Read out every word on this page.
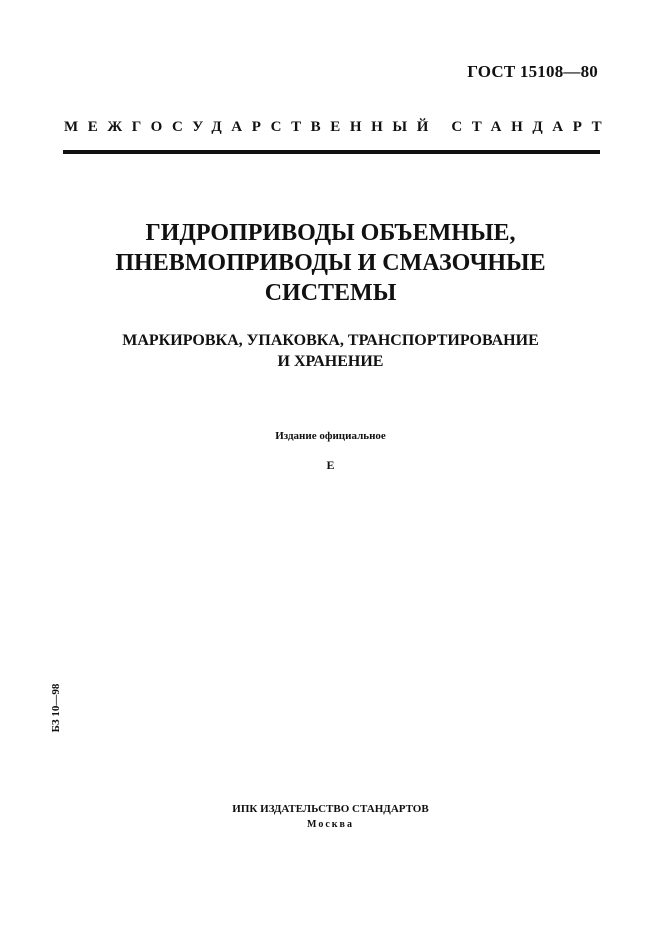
ГОСТ 15108—80
МЕЖГОСУДАРСТВЕННЫЙ СТАНДАРТ
ГИДРОПРИВОДЫ ОБЪЕМНЫЕ,
ПНЕВМОПРИВОДЫ И СМАЗОЧНЫЕ
СИСТЕМЫ
МАРКИРОВКА, УПАКОВКА, ТРАНСПОРТИРОВАНИЕ
И ХРАНЕНИЕ
Издание официальное
Е
БЗ 10—98
ИПК ИЗДАТЕЛЬСТВО СТАНДАРТОВ
Москва
